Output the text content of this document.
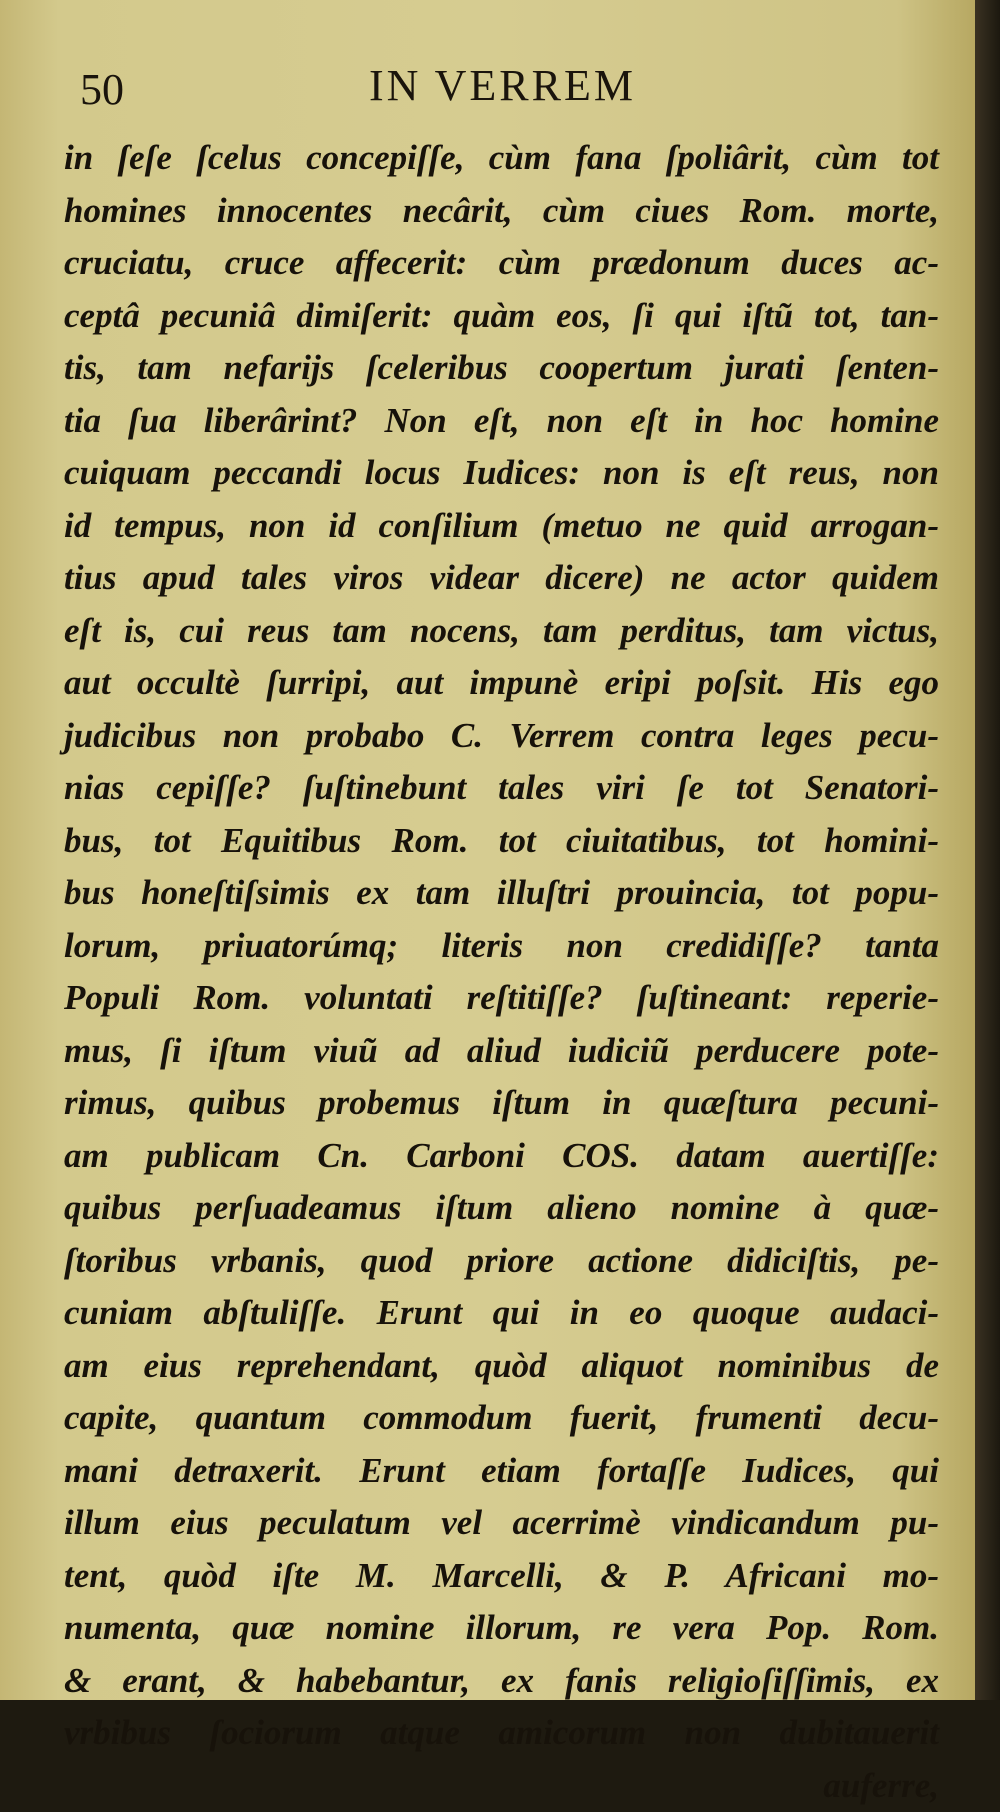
50	IN VERREM
in ſeſe ſcelus concepiſſe, cùm fana ſpoliârit, cùm tot
homines innocentes necârit, cùm ciues Rom. morte,
cruciatu, cruce affecerit: cùm prædonum duces ac-
ceptâ pecuniâ dimiſerit: quàm eos, ſi qui iſtũ tot, tan-
tis, tam nefarijs ſceleribus coopertum jurati ſenten-
tia ſua liberârint? Non eſt, non eſt in hoc homine
cuiquam peccandi locus Iudices: non is eſt reus, non
id tempus, non id conſilium (metuo ne quid arrogan-
tius apud tales viros videar dicere) ne actor quidem
eſt is, cui reus tam nocens, tam perditus, tam victus,
aut occultè ſurripi, aut impunè eripi poſsit. His ego
judicibus non probabo C. Verrem contra leges pecu-
nias cepiſſe? ſuſtinebunt tales viri ſe tot Senatori-
bus, tot Equitibus Rom. tot ciuitatibus, tot homini-
bus honeſtiſsimis ex tam illuſtri prouincia, tot popu-
lorum, priuatorúmq; literis non credidiſſe? tanta
Populi Rom. voluntati reſtitiſſe? ſuſtineant: reperie-
mus, ſi iſtum viuũ ad aliud iudiciũ perducere pote-
rimus, quibus probemus iſtum in quæſtura pecuni-
am publicam Cn. Carboni COS. datam auertiſſe:
quibus perſuadeamus iſtum alieno nomine à quæ-
ſtoribus vrbanis, quod priore actione didiciſtis, pe-
cuniam abſtuliſſe. Erunt qui in eo quoque audaci-
am eius reprehendant, quòd aliquot nominibus de
capite, quantum commodum fuerit, frumenti decu-
mani detraxerit. Erunt etiam fortaſſe Iudices, qui
illum eius peculatum vel acerrimè vindicandum pu-
tent, quòd iſte M. Marcelli, & P. Africani mo-
numenta, quæ nomine illorum, re vera Pop. Rom.
& erant, & habebantur, ex fanis religioſiſſimis, ex
vrbibus ſociorum atque amicorum non dubitauerit
auferre,
